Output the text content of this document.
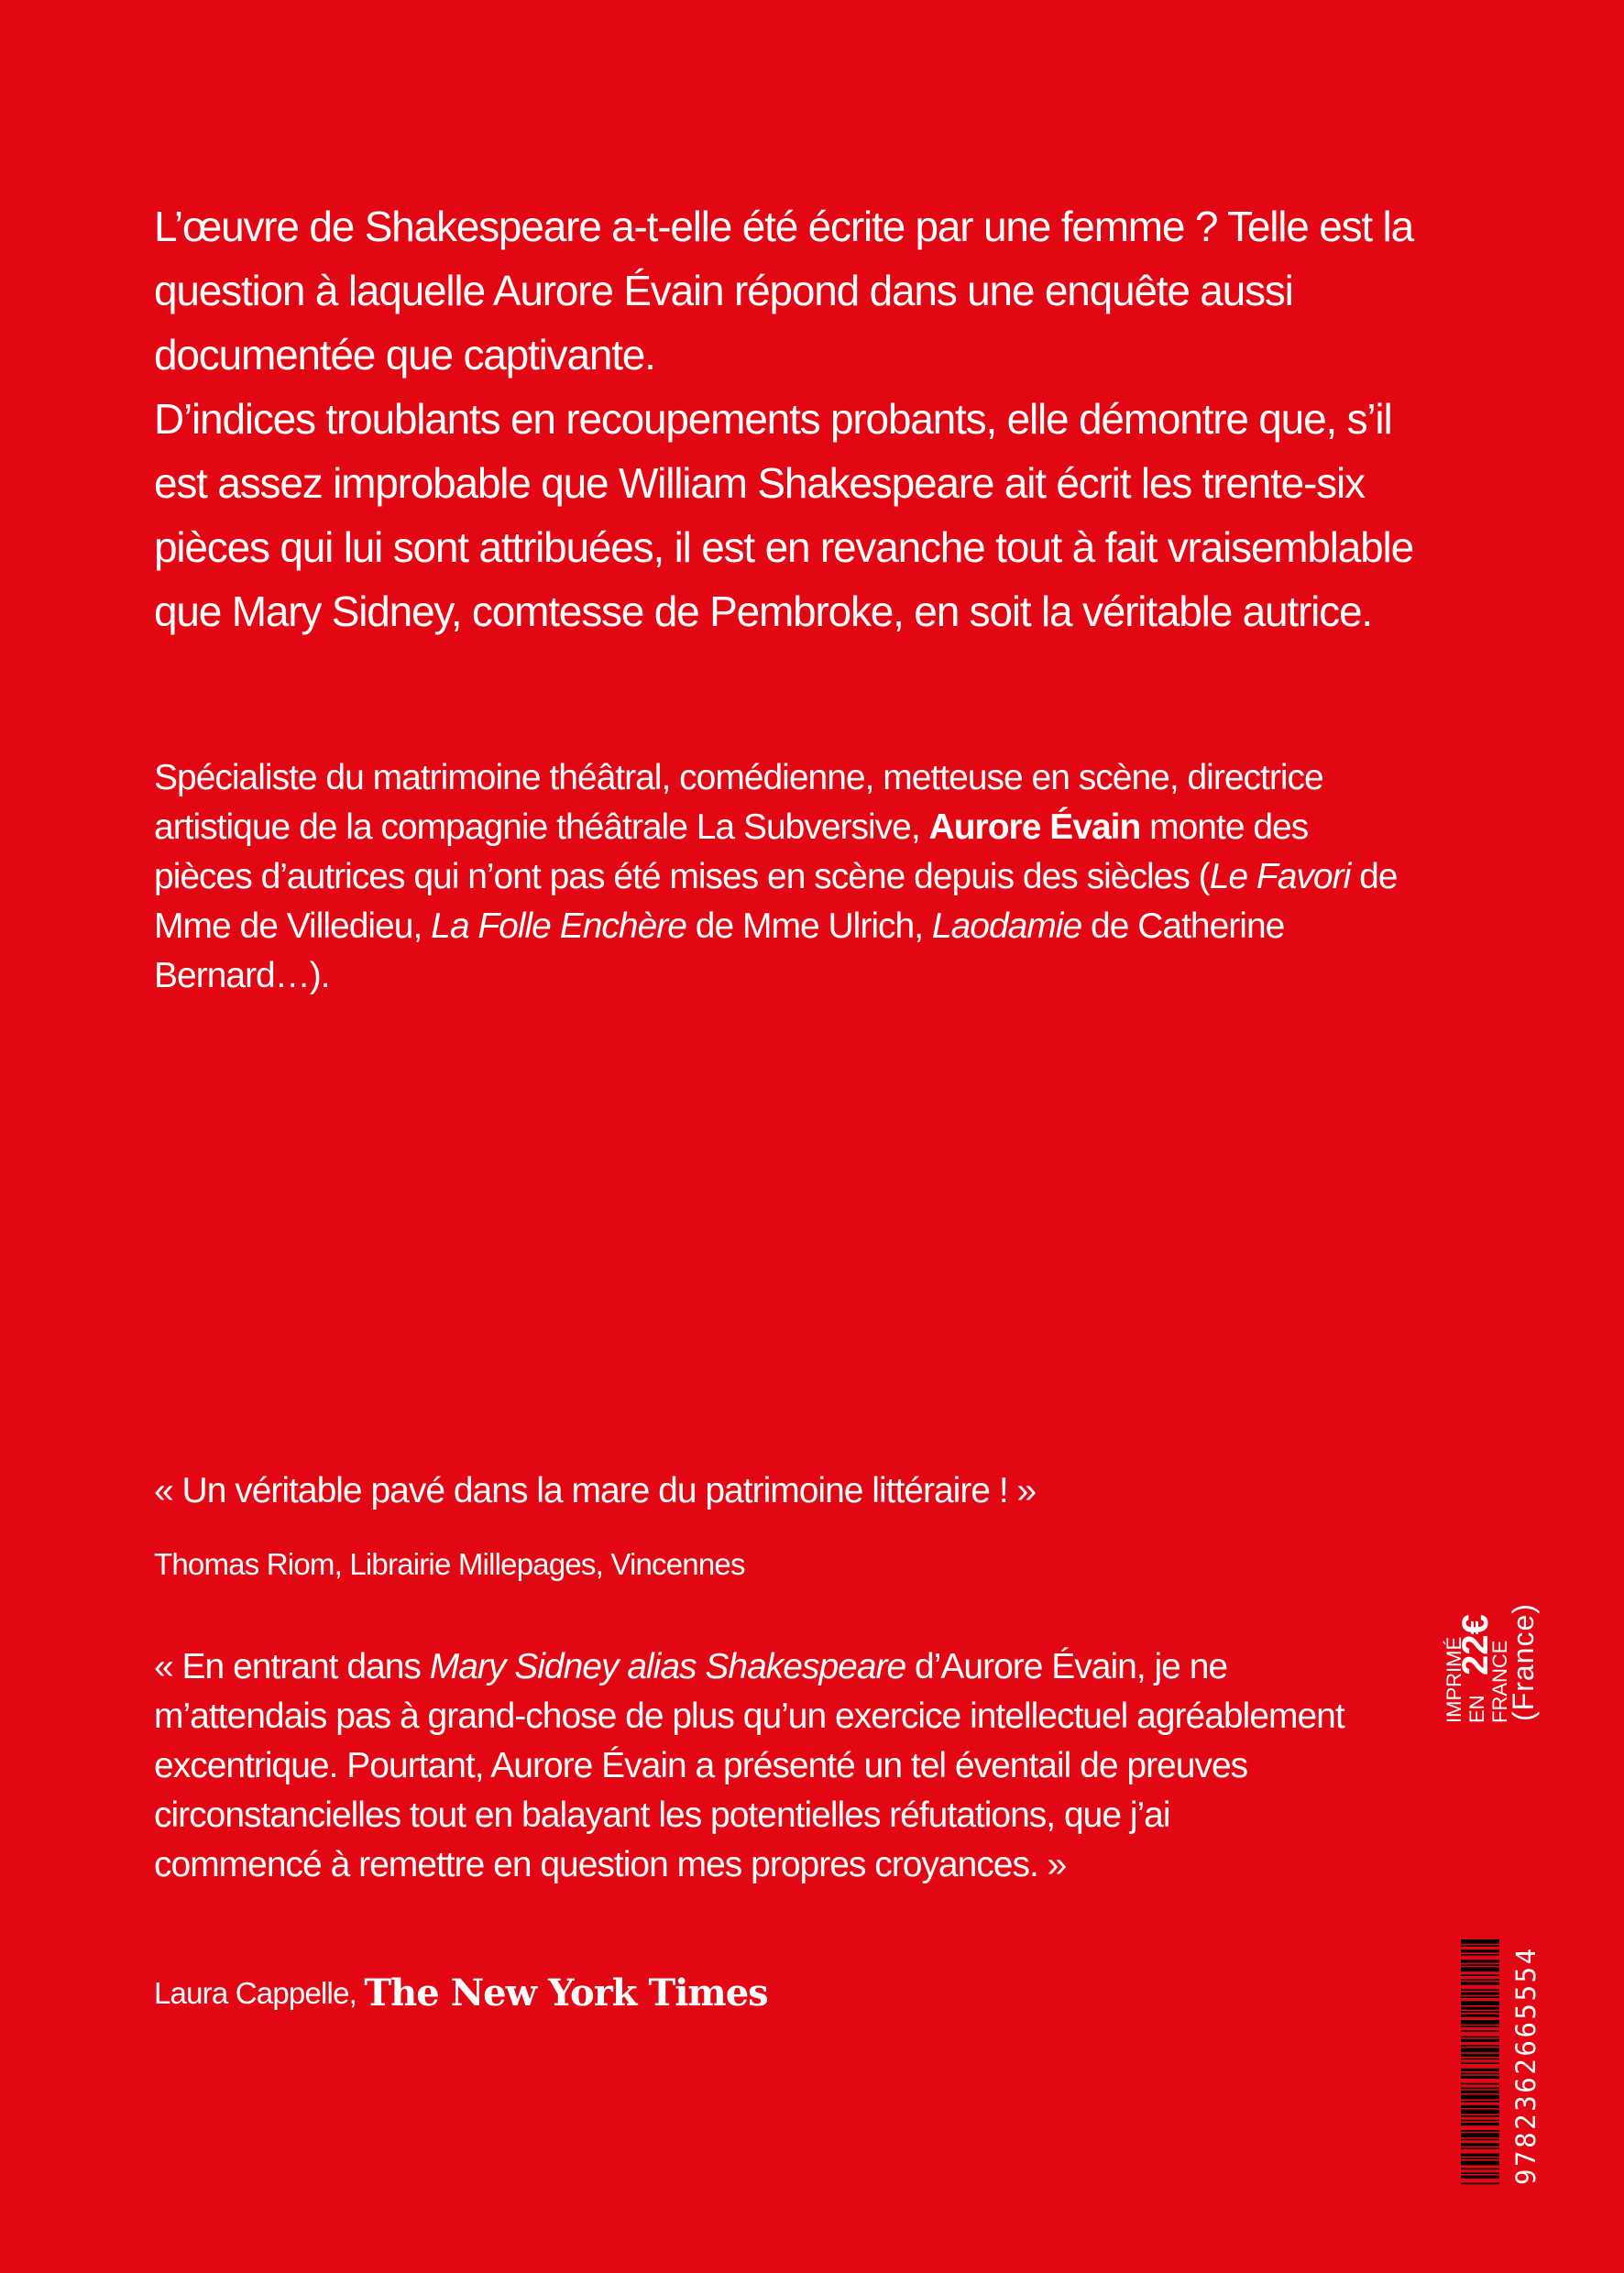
L’œuvre de Shakespeare a-t-elle été écrite par une femme ? Telle est la question à laquelle Aurore Évain répond dans une enquête aussi documentée que captivante.

D’indices troublants en recoupements probants, elle démontre que, s’il est assez improbable que William Shakespeare ait écrit les trente-six pièces qui lui sont attribuées, il est en revanche tout à fait vraisemblable que Mary Sidney, comtesse de Pembroke, en soit la véritable autrice.

Spécialiste du matrimoine théâtral, comédienne, metteuse en scène, directrice artistique de la compagnie théâtrale La Subversive, Aurore Évain monte des pièces d’autrices qui n’ont pas été mises en scène depuis des siècles (Le Favori de Mme de Villedieu, La Folle Enchère de Mme Ulrich, Laodamie de Catherine Bernard…).

« Un véritable pavé dans la mare du patrimoine littéraire ! »
Thomas Riom, Librairie Millepages, Vincennes
« En entrant dans Mary Sidney alias Shakespeare d’Aurore Évain, je ne m’attendais pas à grand-chose de plus qu’un exercice intellectuel agréablement excentrique. Pourtant, Aurore Évain a présenté un tel éventail de preuves circonstancielles tout en balayant les potentielles réfutations, que j’ai commencé à remettre en question mes propres croyances. »
Laura Cappelle, The New York Times
IMPRIMÉ EN FRANCE
22€ (France)
9782362665554
